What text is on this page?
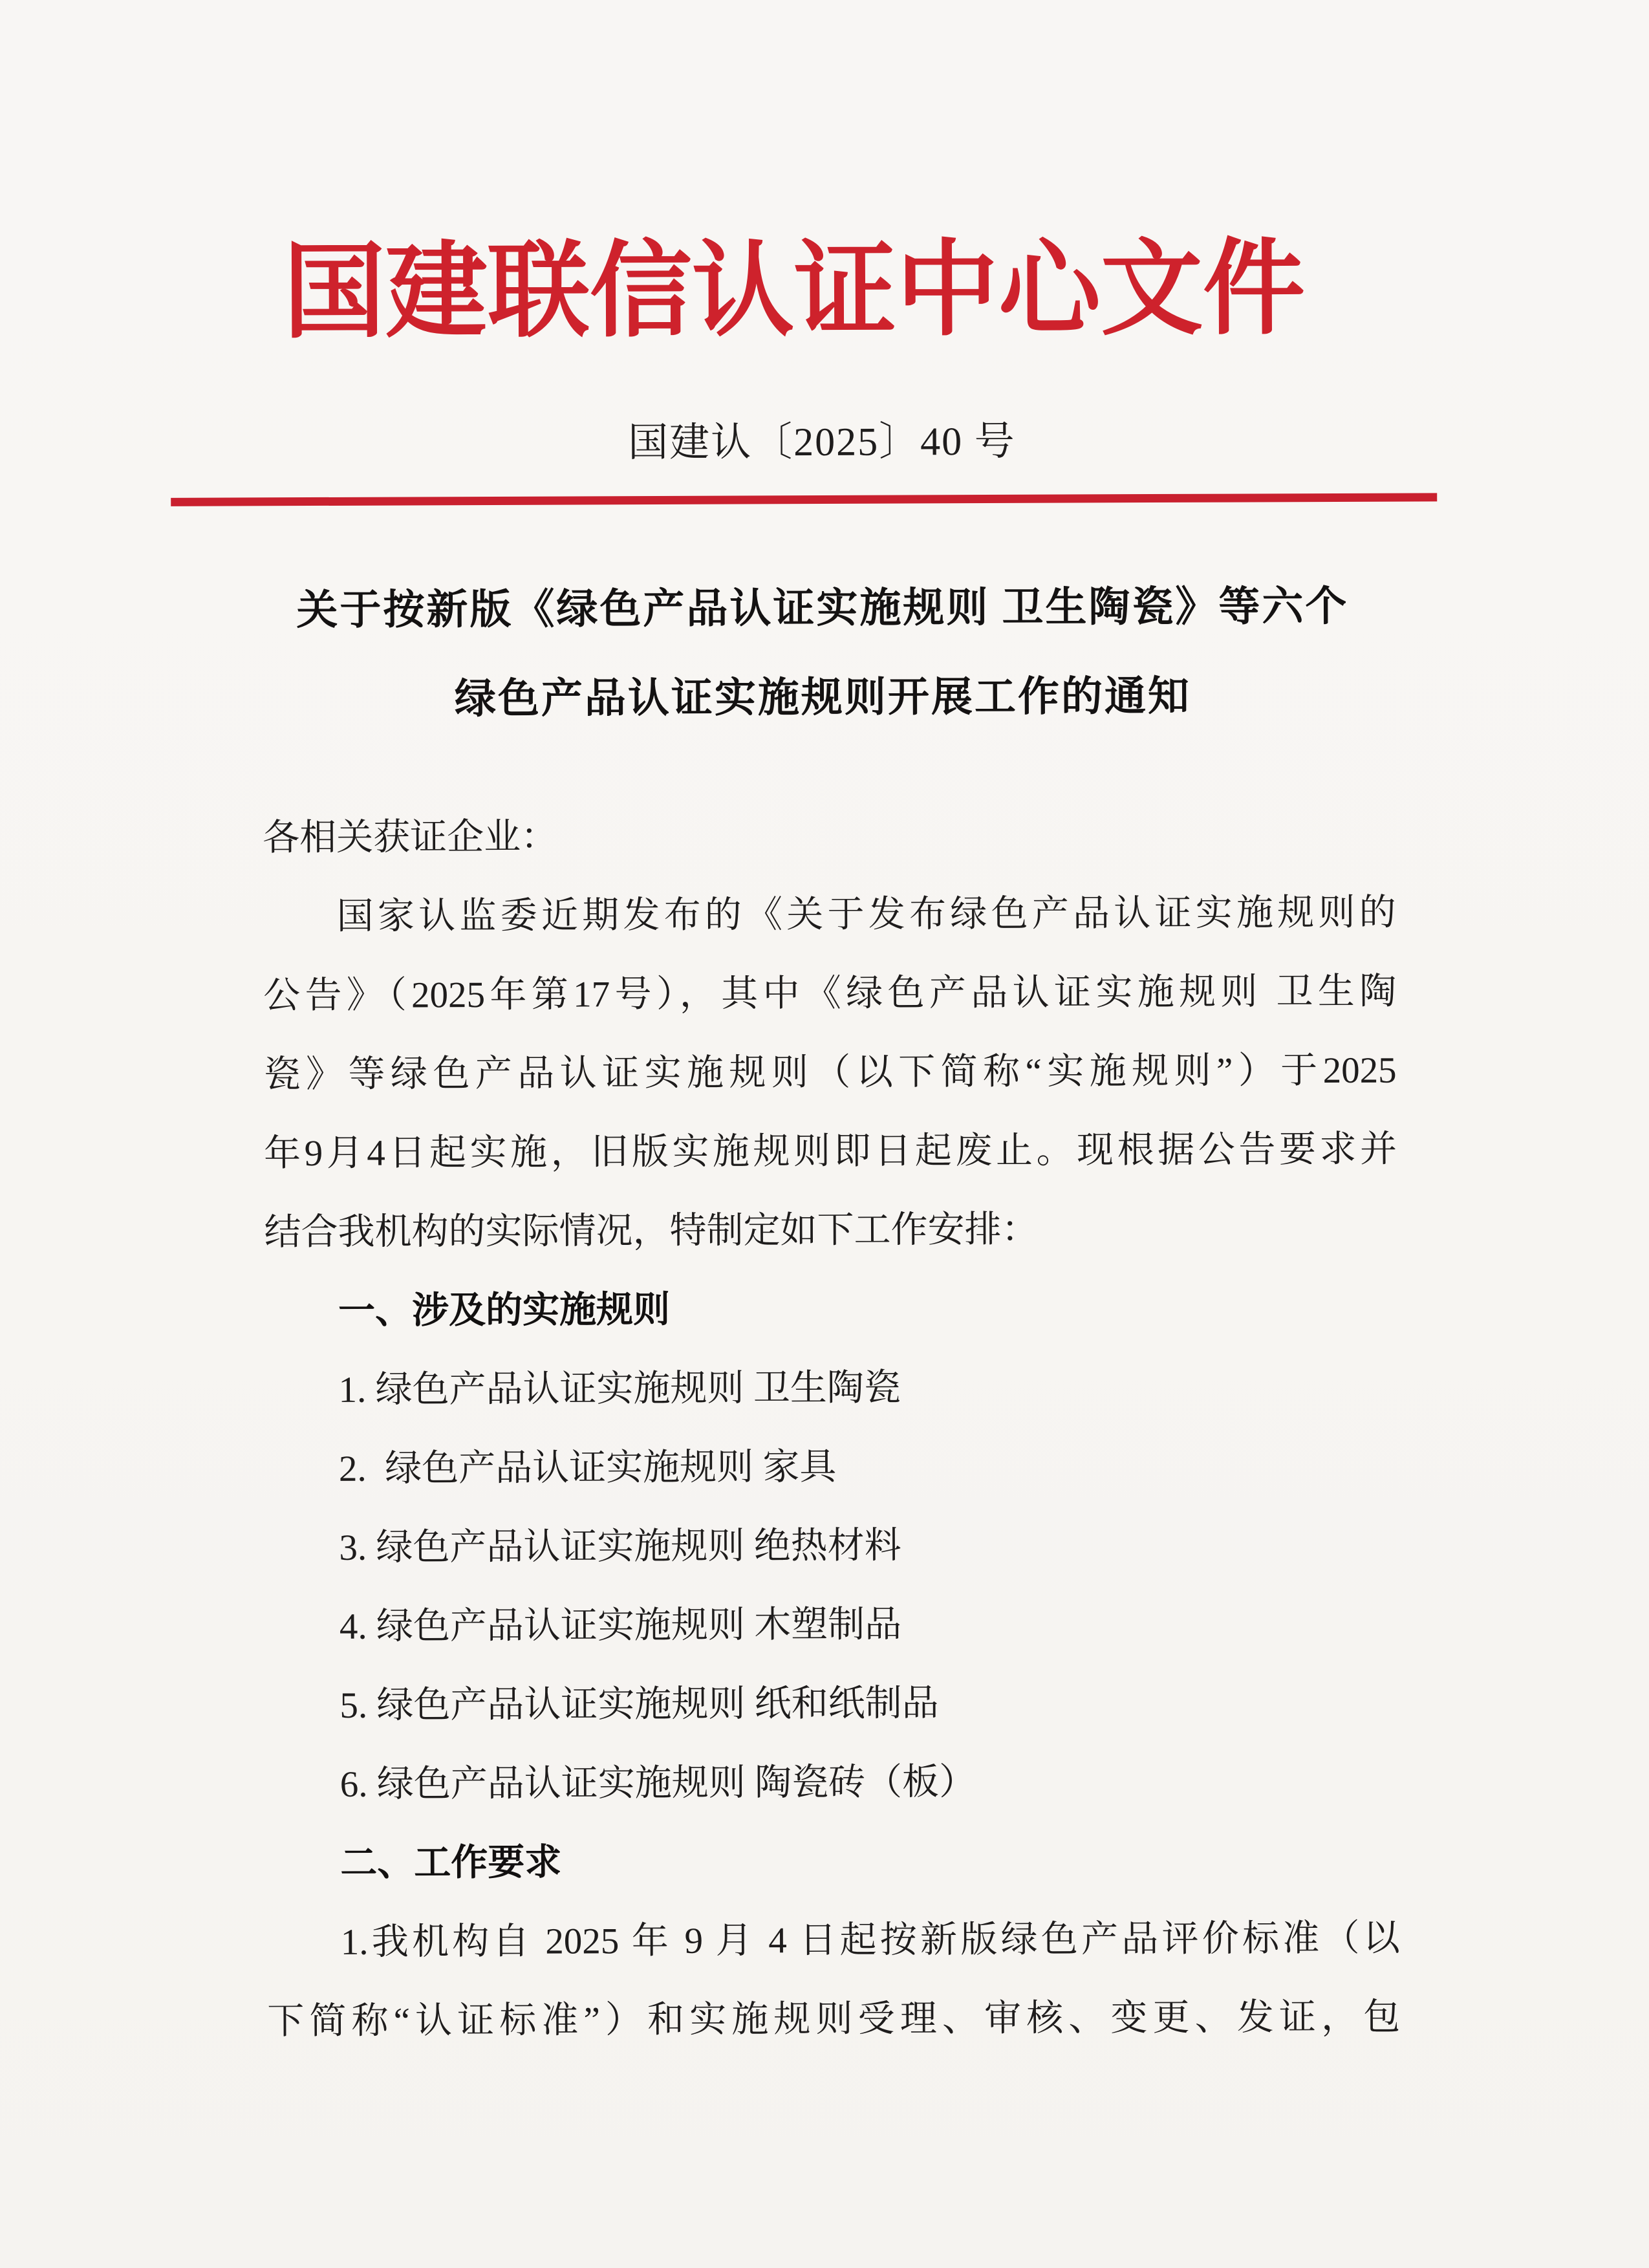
国建联信认证中心文件
国建认〔2025〕40 号
关于按新版《绿色产品认证实施规则 卫生陶瓷》等六个
绿色产品认证实施规则开展工作的通知
各相关获证企业：
国家认监委近期发布的《关于发布绿色产品认证实施规则的
公告》（2025年第17号），其中《绿色产品认证实施规则 卫生陶
瓷》等绿色产品认证实施规则（以下简称“实施规则”）于2025
年9月4日起实施，旧版实施规则即日起废止。现根据公告要求并
结合我机构的实际情况，特制定如下工作安排：
一、涉及的实施规则
1. 绿色产品认证实施规则 卫生陶瓷
2.  绿色产品认证实施规则 家具
3. 绿色产品认证实施规则 绝热材料
4. 绿色产品认证实施规则 木塑制品
5. 绿色产品认证实施规则 纸和纸制品
6. 绿色产品认证实施规则 陶瓷砖（板）
二、工作要求
1.我机构自 2025 年 9 月 4 日起按新版绿色产品评价标准（以
下简称“认证标准”）和实施规则受理、审核、变更、发证，包
